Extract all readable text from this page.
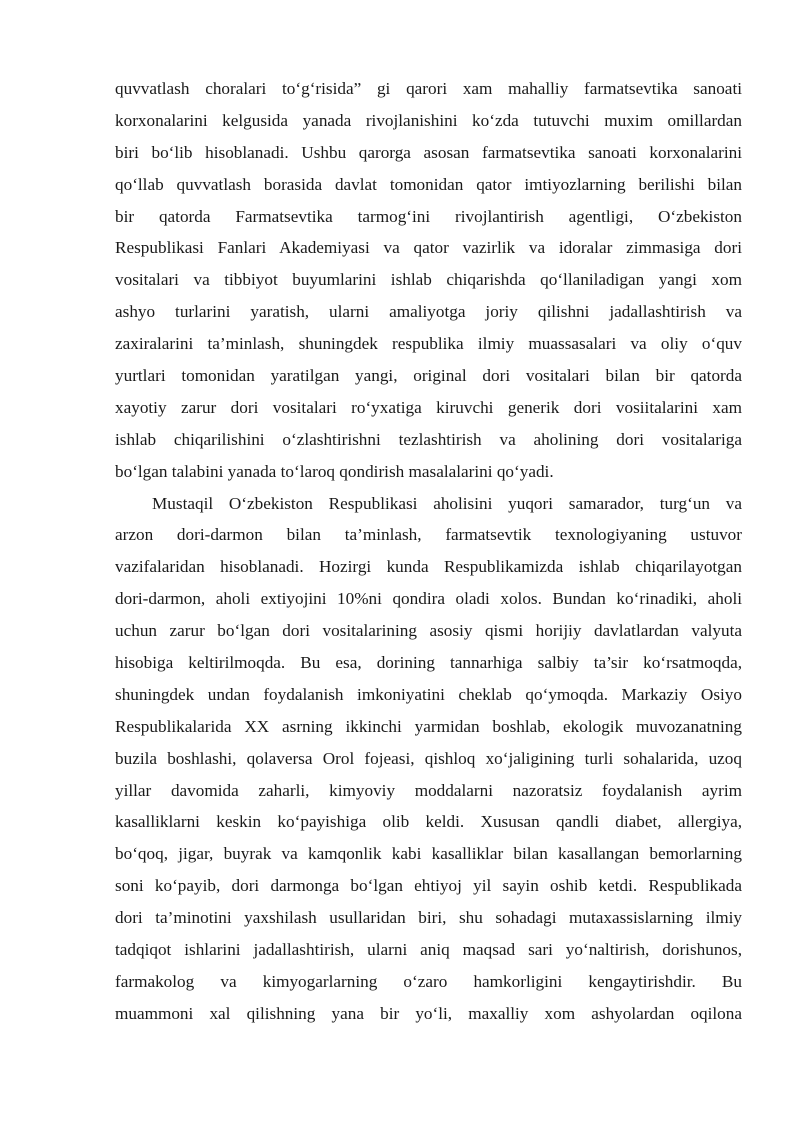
quvvatlash choralari to‘g‘risida” gi qarori xam mahalliy farmatsevtika sanoati
korxonalarini kelgusida yanada rivojlanishini ko‘zda tutuvchi muxim omillardan
biri bo‘lib hisoblanadi. Ushbu qarorga asosan farmatsevtika sanoati korxonalarini
qo‘llab quvvatlash borasida davlat tomonidan qator imtiyozlarning berilishi bilan
bir qatorda Farmatsevtika tarmog‘ini rivojlantirish agentligi, O‘zbekiston
Respublikasi Fanlari Akademiyasi va qator vazirlik va idoralar zimmasiga dori
vositalari va tibbiyot buyumlarini ishlab chiqarishda qo‘llaniladigan yangi xom
ashyo turlarini yaratish, ularni amaliyotga joriy qilishni jadallashtirish va
zaxiralarini ta’minlash, shuningdek respublika ilmiy muassasalari va oliy o‘quv
yurtlari tomonidan yaratilgan yangi, original dori vositalari bilan bir qatorda
xayotiy zarur dori vositalari ro‘yxatiga kiruvchi generik dori vosiitalarini xam
ishlab chiqarilishini o‘zlashtirishni tezlashtirish va aholining dori vositalariga
bo‘lgan talabini yanada to‘laroq qondirish masalalarini qo‘yadi.
Mustaqil O‘zbekiston Respublikasi aholisini yuqori samarador, turg‘un va
arzon dori-darmon bilan ta’minlash, farmatsevtik texnologiyaning ustuvor
vazifalaridan hisoblanadi. Hozirgi kunda Respublikamizda ishlab chiqarilayotgan
dori-darmon, aholi extiyojini 10%ni qondira oladi xolos. Bundan ko‘rinadiki, aholi
uchun zarur bo‘lgan dori vositalarining asosiy qismi horijiy davlatlardan valyuta
hisobiga keltirilmoqda. Bu esa, dorining tannarhiga salbiy ta’sir ko‘rsatmoqda,
shuningdek undan foydalanish imkoniyatini cheklab qo‘ymoqda. Markaziy Osiyo
Respublikalarida XX asrning ikkinchi yarmidan boshlab, ekologik muvozanatning
buzila boshlashi, qolaversa Orol fojeasi, qishloq xo‘jaligining turli sohalarida, uzoq
yillar davomida zaharli, kimyoviy moddalarni nazoratsiz foydalanish ayrim
kasalliklarni keskin ko‘payishiga olib keldi. Xususan qandli diabet, allergiya,
bo‘qoq, jigar, buyrak va kamqonlik kabi kasalliklar bilan kasallangan bemorlarning
soni ko‘payib, dori darmonga bo‘lgan ehtiyoj yil sayin oshib ketdi. Respublikada
dori ta’minotini yaxshilash usullaridan biri, shu sohadagi mutaxassislarning ilmiy
tadqiqot ishlarini jadallashtirish, ularni aniq maqsad sari yo‘naltirish, dorishunos,
farmakolog va kimyogarlarning o‘zaro hamkorligini kengaytirishdir. Bu
muammoni xal qilishning yana bir yo‘li, maxalliy xom ashyolardan oqilona
